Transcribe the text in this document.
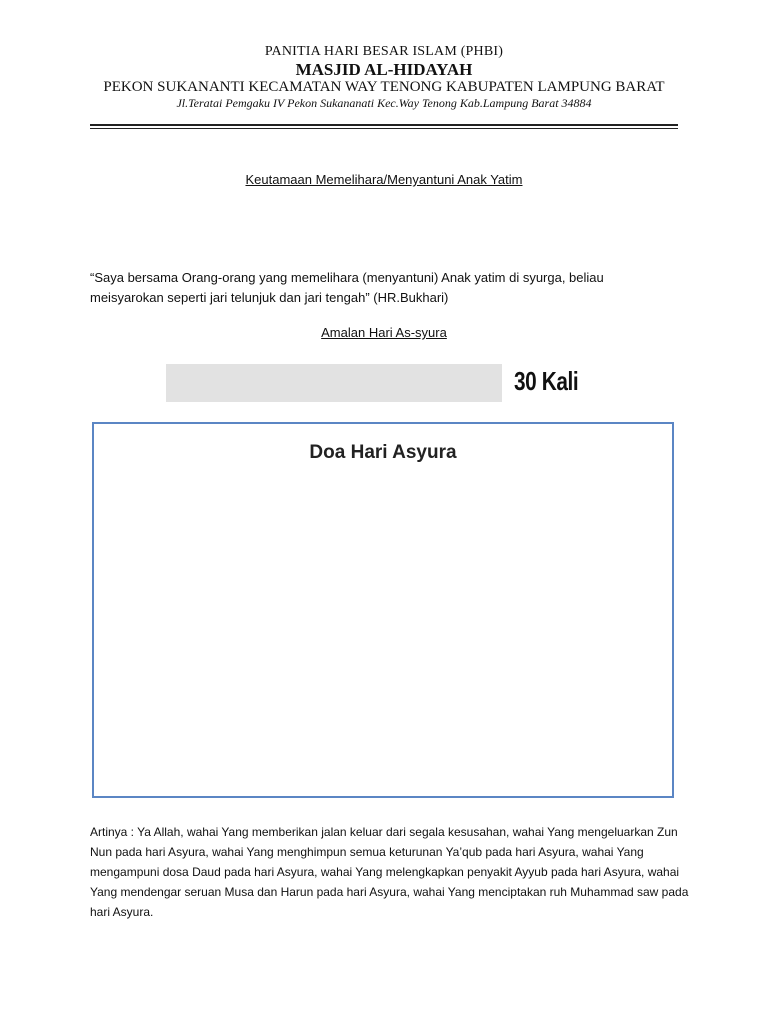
PANITIA HARI BESAR ISLAM (PHBI)
MASJID AL-HIDAYAH
PEKON SUKANANTI KECAMATAN WAY TENONG KABUPATEN LAMPUNG BARAT
Jl.Teratai Pemgaku IV Pekon Sukananati Kec.Way Tenong Kab.Lampung Barat 34884
Keutamaan Memelihara/Menyantuni Anak Yatim
“Saya bersama Orang-orang yang memelihara (menyantuni) Anak yatim di syurga, beliau meisyarokan seperti jari telunjuk dan jari tengah” (HR.Bukhari)
Amalan Hari As-syura
30 Kali
Doa Hari Asyura
Artinya : Ya Allah, wahai Yang memberikan jalan keluar dari segala kesusahan, wahai Yang mengeluarkan Zun Nun pada hari Asyura, wahai Yang menghimpun semua keturunan Ya’qub pada hari Asyura, wahai Yang mengampuni dosa Daud pada hari Asyura, wahai Yang melengkapkan penyakit Ayyub pada hari Asyura, wahai Yang mendengar seruan Musa dan Harun pada hari Asyura, wahai Yang menciptakan ruh Muhammad saw pada hari Asyura.
